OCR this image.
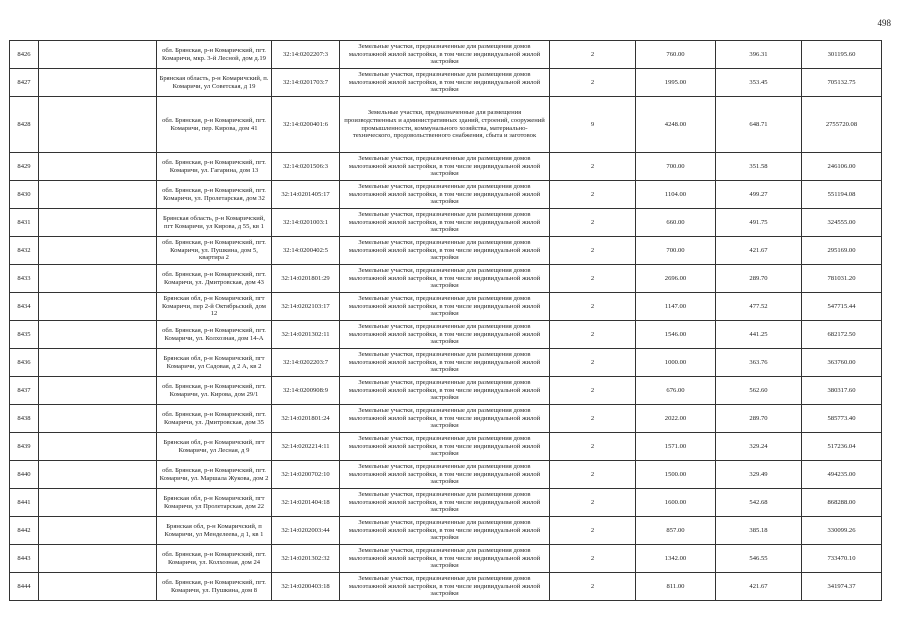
498
8426		обл. Брянская, р-н Комаричский, пгт. Комаричи, мкр. 3-й Лесной, дом д.19	32:14:0202207:3	Земельные участки, предназначенные для размещения домов малоэтажной жилой застройки, в том числе индивидуальной жилой застройки	2	760.00	396.31	301195.60
8427		Брянская область, р-н Комаричский, п. Комаричи, ул Советская, д 19	32:14:0201703:7	Земельные участки, предназначенные для размещения домов малоэтажной жилой застройки, в том числе индивидуальной жилой застройки	2	1995.00	353.45	705132.75
8428		обл. Брянская, р-н Комаричский, пгт. Комаричи, пер. Кирова, дом 41	32:14:0200401:6	Земельные участки, предназначенные для размещения производственных и административных зданий, строений, сооружений промышленности, коммунального хозяйства, материально-технического, продовольственного снабжения, сбыта и заготовок	9	4248.00	648.71	2755720.08
8429		обл. Брянская, р-н Комаричский, пгт. Комаричи, ул. Гагарина, дом 13	32:14:0201506:3	Земельные участки, предназначенные для размещения домов малоэтажной жилой застройки, в том числе индивидуальной жилой застройки	2	700.00	351.58	246106.00
8430		обл. Брянская, р-н Комаричский, пгт. Комаричи, ул. Пролетарская, дом 32	32:14:0201405:17	Земельные участки, предназначенные для размещения домов малоэтажной жилой застройки, в том числе индивидуальной жилой застройки	2	1104.00	499.27	551194.08
8431		Брянская область, р-н Комаричский, пгт Комаричи, ул Кирова, д 55, кв 1	32:14:0201003:1	Земельные участки, предназначенные для размещения домов малоэтажной жилой застройки, в том числе индивидуальной жилой застройки	2	660.00	491.75	324555.00
8432		обл. Брянская, р-н Комаричский, пгт. Комаричи, ул. Пушкина, дом 5, квартира 2	32:14:0200402:5	Земельные участки, предназначенные для размещения домов малоэтажной жилой застройки, в том числе индивидуальной жилой застройки	2	700.00	421.67	295169.00
8433		обл. Брянская, р-н Комаричский, пгт. Комаричи, ул. Дмитровская, дом 43	32:14:0201801:29	Земельные участки, предназначенные для размещения домов малоэтажной жилой застройки, в том числе индивидуальной жилой застройки	2	2696.00	289.70	781031.20
8434		Брянская обл, р-н Комаричский, пгт Комаричи, пер 2-й Октябрьский, дом 12	32:14:0202103:17	Земельные участки, предназначенные для размещения домов малоэтажной жилой застройки, в том числе индивидуальной жилой застройки	2	1147.00	477.52	547715.44
8435		обл. Брянская, р-н Комаричский, пгт. Комаричи, ул. Колхозная, дом 14-А	32:14:0201302:11	Земельные участки, предназначенные для размещения домов малоэтажной жилой застройки, в том числе индивидуальной жилой застройки	2	1546.00	441.25	682172.50
8436		Брянская обл, р-н Комаричский, пгт Комаричи, ул Садовая, д 2 А, кв 2	32:14:0202203:7	Земельные участки, предназначенные для размещения домов малоэтажной жилой застройки, в том числе индивидуальной жилой застройки	2	1000.00	363.76	363760.00
8437		обл. Брянская, р-н Комаричский, пгт. Комаричи, ул. Кирова, дом 29/1	32:14:0200908:9	Земельные участки, предназначенные для размещения домов малоэтажной жилой застройки, в том числе индивидуальной жилой застройки	2	676.00	562.60	380317.60
8438		обл. Брянская, р-н Комаричский, пгт. Комаричи, ул. Дмитровская, дом 35	32:14:0201801:24	Земельные участки, предназначенные для размещения домов малоэтажной жилой застройки, в том числе индивидуальной жилой застройки	2	2022.00	289.70	585773.40
8439		Брянская обл, р-н Комаричский, пгт Комаричи, ул Лесная, д 9	32:14:0202214:11	Земельные участки, предназначенные для размещения домов малоэтажной жилой застройки, в том числе индивидуальной жилой застройки	2	1571.00	329.24	517236.04
8440		обл. Брянская, р-н Комаричский, пгт. Комаричи, ул. Маршала Жукова, дом 2	32:14:0200702:10	Земельные участки, предназначенные для размещения домов малоэтажной жилой застройки, в том числе индивидуальной жилой застройки	2	1500.00	329.49	494235.00
8441		Брянская обл, р-н Комаричский, пгт Комаричи, ул Пролетарская, дом 22	32:14:0201404:18	Земельные участки, предназначенные для размещения домов малоэтажной жилой застройки, в том числе индивидуальной жилой застройки	2	1600.00	542.68	868288.00
8442		Брянская обл, р-н Комаричский, п Комаричи, ул Менделеева, д 1, кв 1	32:14:0202003:44	Земельные участки, предназначенные для размещения домов малоэтажной жилой застройки, в том числе индивидуальной жилой застройки	2	857.00	385.18	330099.26
8443		обл. Брянская, р-н Комаричский, пгт. Комаричи, ул. Колхозная, дом 24	32:14:0201302:32	Земельные участки, предназначенные для размещения домов малоэтажной жилой застройки, в том числе индивидуальной жилой застройки	2	1342.00	546.55	733470.10
8444		обл. Брянская, р-н Комаричский, пгт. Комаричи, ул. Пушкина, дом 8	32:14:0200403:18	Земельные участки, предназначенные для размещения домов малоэтажной жилой застройки, в том числе индивидуальной жилой застройки	2	811.00	421.67	341974.37
